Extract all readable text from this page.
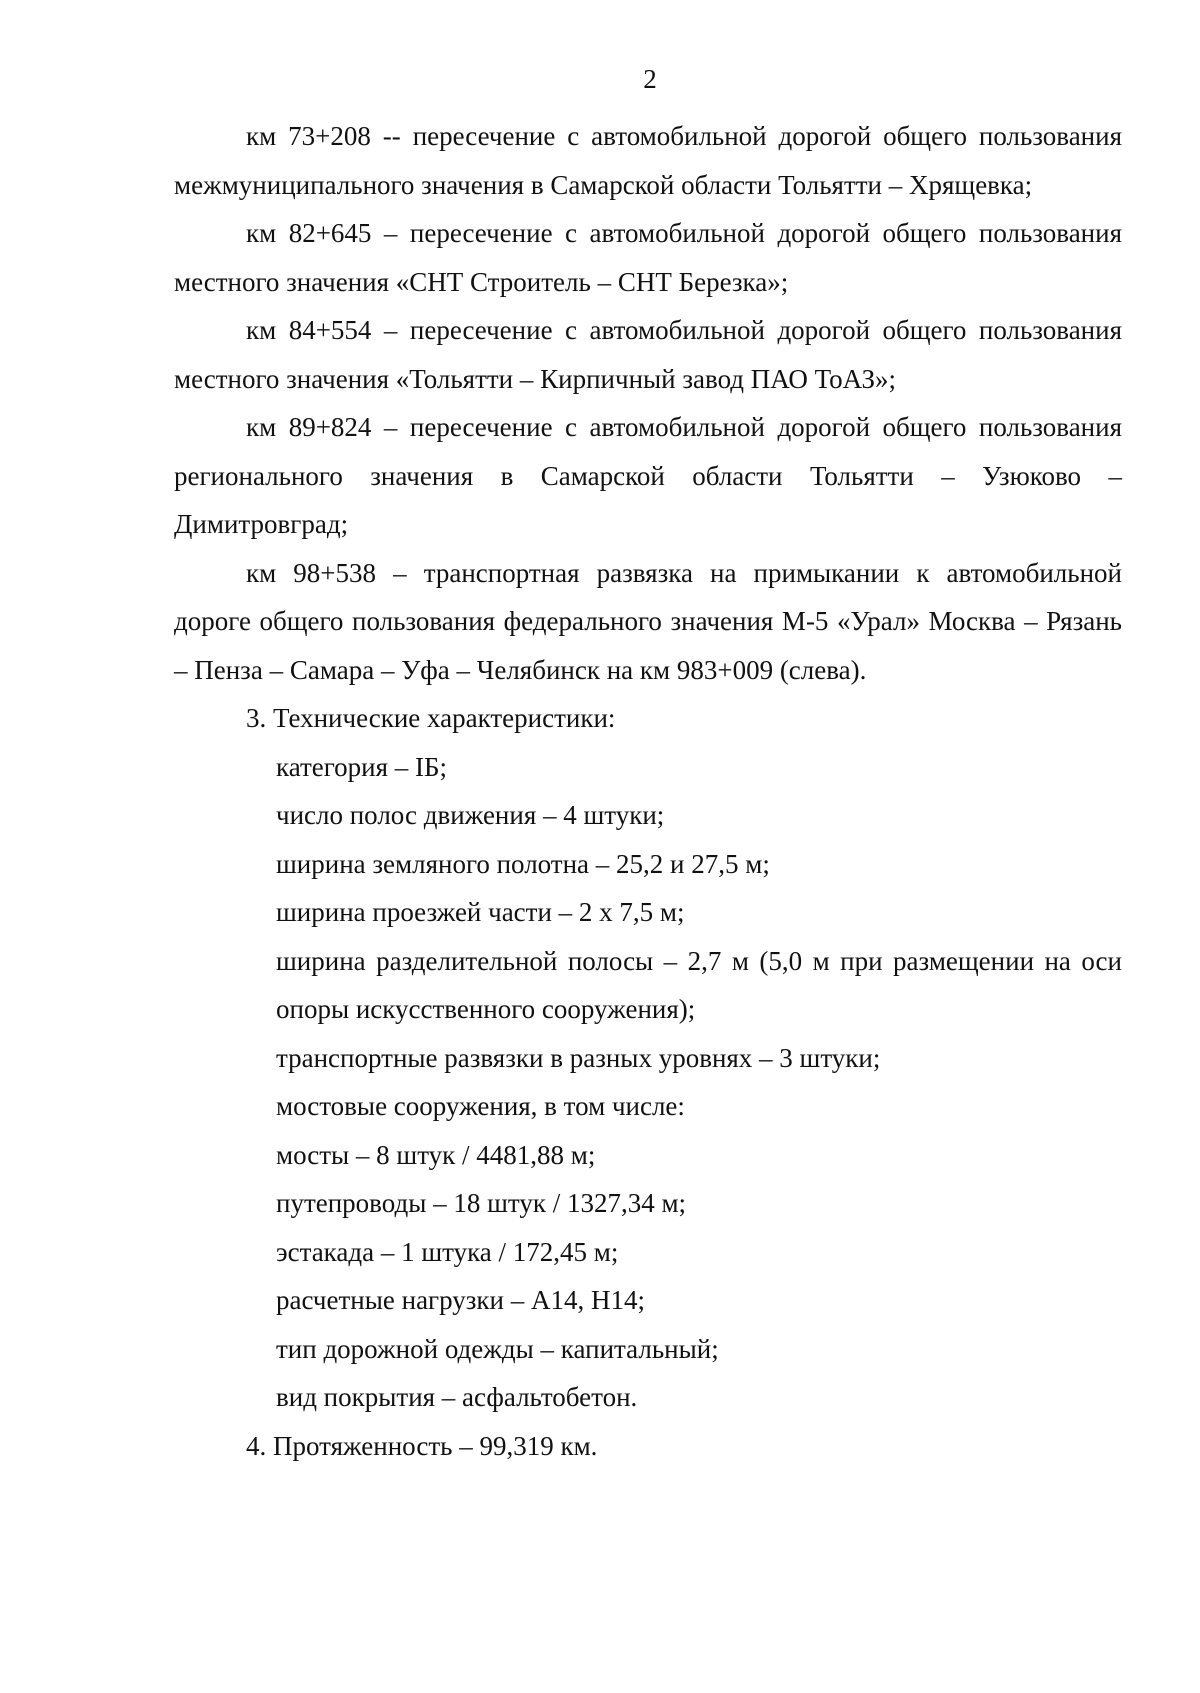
2

км 73+208 -- пересечение с автомобильной дорогой общего пользования межмуниципального значения в Самарской области Тольятти – Хрящевка;

км 82+645 – пересечение с автомобильной дорогой общего пользования местного значения «СНТ Строитель – СНТ Березка»;

км 84+554 – пересечение с автомобильной дорогой общего пользования местного значения «Тольятти – Кирпичный завод ПАО ТоАЗ»;

км 89+824 – пересечение с автомобильной дорогой общего пользования регионального значения в Самарской области Тольятти – Узюково – Димитровград;

км 98+538 – транспортная развязка на примыкании к автомобильной дороге общего пользования федерального значения М-5 «Урал» Москва – Рязань – Пенза – Самара – Уфа – Челябинск на км 983+009 (слева).

3. Технические характеристики:

категория – IБ;

число полос движения – 4 штуки;

ширина земляного полотна – 25,2 и 27,5 м;

ширина проезжей части – 2 х 7,5 м;

ширина разделительной полосы – 2,7 м (5,0 м при размещении на оси опоры искусственного сооружения);

транспортные развязки в разных уровнях – 3 штуки;

мостовые сооружения, в том числе:

мосты – 8 штук / 4481,88 м;

путепроводы – 18 штук / 1327,34 м;

эстакада – 1 штука / 172,45 м;

расчетные нагрузки – А14, Н14;

тип дорожной одежды – капитальный;

вид покрытия – асфальтобетон.

4. Протяженность – 99,319 км.
